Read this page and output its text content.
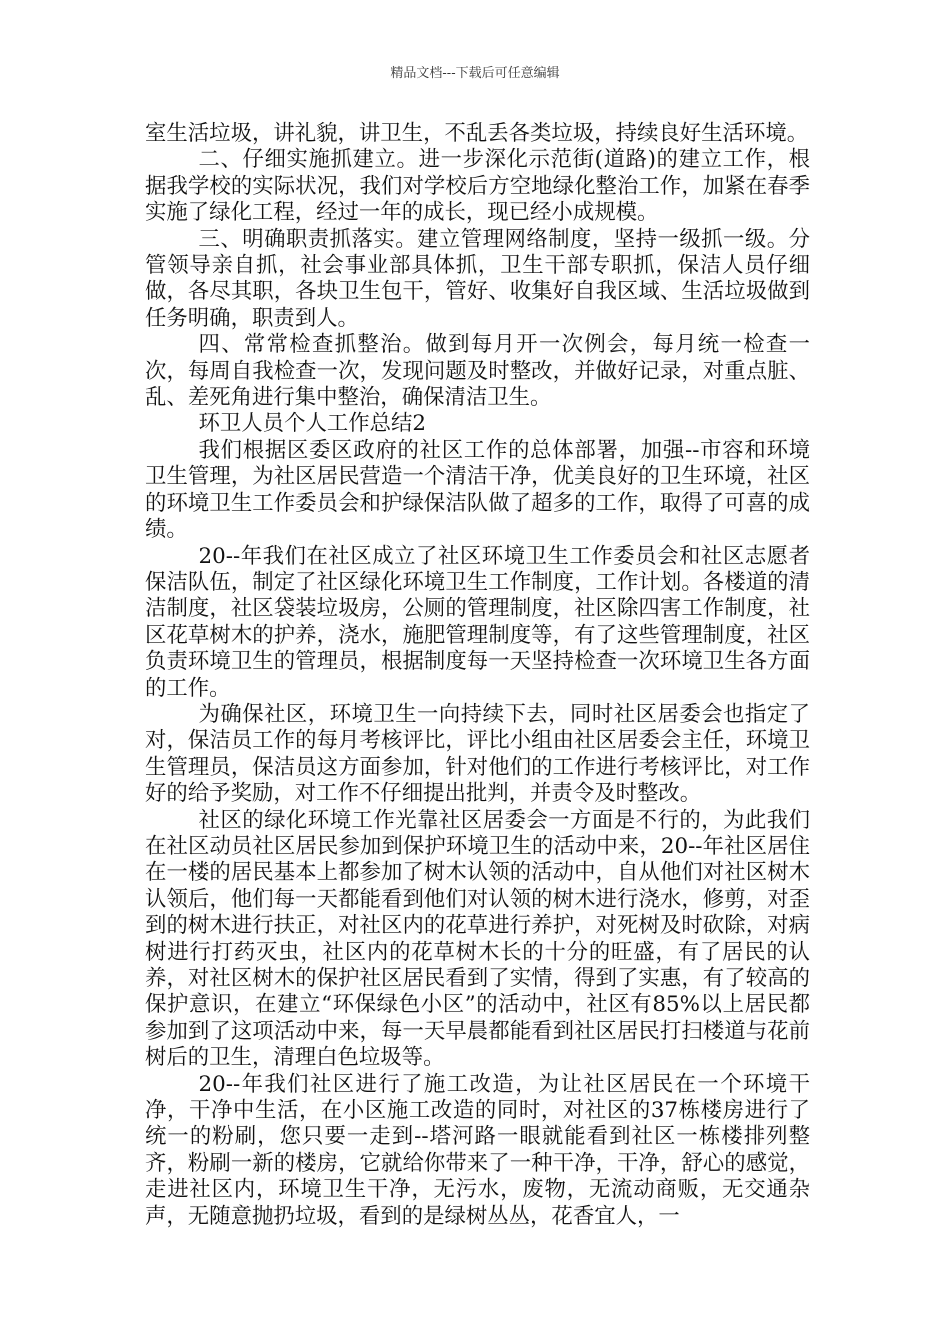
精品文档---下载后可任意编辑

室生活垃圾，讲礼貌，讲卫生，不乱丢各类垃圾，持续良好生活环境。

二、仔细实施抓建立。进一步深化示范街(道路)的建立工作，根据我学校的实际状况，我们对学校后方空地绿化整治工作，加紧在春季实施了绿化工程，经过一年的成长，现已经小成规模。

三、明确职责抓落实。建立管理网络制度，坚持一级抓一级。分管领导亲自抓，社会事业部具体抓，卫生干部专职抓，保洁人员仔细做，各尽其职，各块卫生包干，管好、收集好自我区域、生活垃圾做到任务明确，职责到人。

四、常常检查抓整治。做到每月开一次例会，每月统一检查一次，每周自我检查一次，发现问题及时整改，并做好记录，对重点脏、乱、差死角进行集中整治，确保清洁卫生。

环卫人员个人工作总结2

我们根据区委区政府的社区工作的总体部署，加强--市容和环境卫生管理，为社区居民营造一个清洁干净，优美良好的卫生环境，社区的环境卫生工作委员会和护绿保洁队做了超多的工作，取得了可喜的成绩。

20--年我们在社区成立了社区环境卫生工作委员会和社区志愿者保洁队伍，制定了社区绿化环境卫生工作制度，工作计划。各楼道的清洁制度，社区袋装垃圾房，公厕的管理制度，社区除四害工作制度，社区花草树木的护养，浇水，施肥管理制度等，有了这些管理制度，社区负责环境卫生的管理员，根据制度每一天坚持检查一次环境卫生各方面的工作。

为确保社区，环境卫生一向持续下去，同时社区居委会也指定了对，保洁员工作的每月考核评比，评比小组由社区居委会主任，环境卫生管理员，保洁员这方面参加，针对他们的工作进行考核评比，对工作好的给予奖励，对工作不仔细提出批判，并责令及时整改。

社区的绿化环境工作光靠社区居委会一方面是不行的，为此我们在社区动员社区居民参加到保护环境卫生的活动中来，20--年社区居住在一楼的居民基本上都参加了树木认领的活动中，自从他们对社区树木认领后，他们每一天都能看到他们对认领的树木进行浇水，修剪，对歪到的树木进行扶正，对社区内的花草进行养护，对死树及时砍除，对病树进行打药灭虫，社区内的花草树木长的十分的旺盛，有了居民的认养，对社区树木的保护社区居民看到了实情，得到了实惠，有了较高的保护意识，在建立“环保绿色小区”的活动中，社区有85%以上居民都参加到了这项活动中来，每一天早晨都能看到社区居民打扫楼道与花前树后的卫生，清理白色垃圾等。

20--年我们社区进行了施工改造，为让社区居民在一个环境干净，干净中生活，在小区施工改造的同时，对社区的37栋楼房进行了统一的粉刷，您只要一走到--塔河路一眼就能看到社区一栋楼排列整齐，粉刷一新的楼房，它就给你带来了一种干净，干净，舒心的感觉，走进社区内，环境卫生干净，无污水，废物，无流动商贩，无交通杂声，无随意抛扔垃圾，看到的是绿树丛丛，花香宜人，一
